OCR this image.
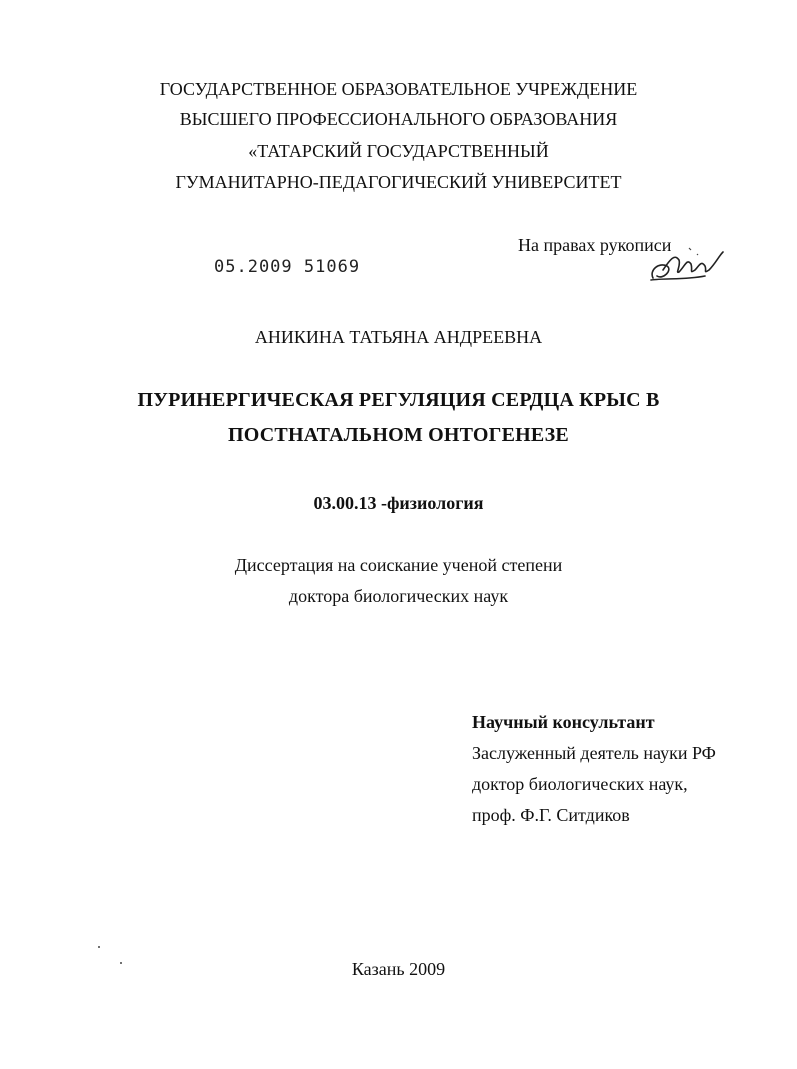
ГОСУДАРСТВЕННОЕ ОБРАЗОВАТЕЛЬНОЕ УЧРЕЖДЕНИЕ
ВЫСШЕГО ПРОФЕССИОНАЛЬНОГО ОБРАЗОВАНИЯ
«ТАТАРСКИЙ ГОСУДАРСТВЕННЫЙ
ГУМАНИТАРНО-ПЕДАГОГИЧЕСКИЙ УНИВЕРСИТЕТ
На правах рукописи
05.2009 51069
АНИКИНА ТАТЬЯНА АНДРЕЕВНА
ПУРИНЕРГИЧЕСКАЯ РЕГУЛЯЦИЯ СЕРДЦА КРЫС В
ПОСТНАТАЛЬНОМ ОНТОГЕНЕЗЕ
03.00.13 -физиология
Диссертация на соискание ученой степени
доктора биологических наук
Научный консультант
Заслуженный деятель науки РФ
доктор биологических наук,
проф. Ф.Г. Ситдиков
Казань 2009
